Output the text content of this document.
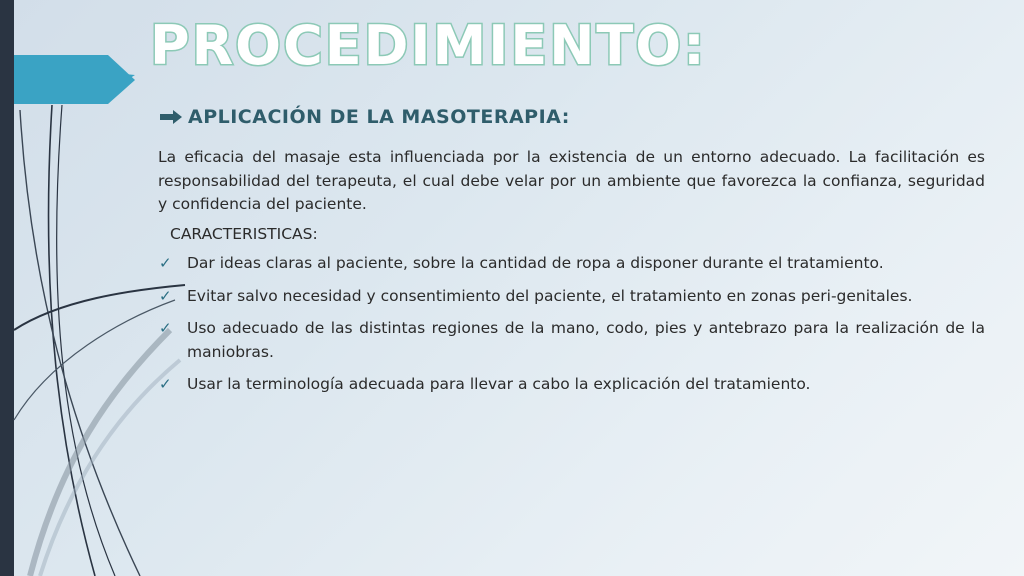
PROCEDIMIENTO:
APLICACIÓN DE LA MASOTERAPIA:

La eficacia del masaje esta influenciada por la existencia de un entorno adecuado. La facilitación es responsabilidad del terapeuta, el cual debe velar por un ambiente que favorezca la confianza, seguridad y confidencia del paciente.

CARACTERISTICAS:
✓ Dar ideas claras al paciente, sobre la cantidad de ropa a disponer durante el tratamiento.
✓ Evitar salvo necesidad y consentimiento del paciente, el tratamiento en zonas peri-genitales.
✓ Uso adecuado de las distintas regiones de la mano, codo, pies y antebrazo para la realización de la maniobras.
✓ Usar la terminología adecuada para llevar a cabo la explicación del tratamiento.
